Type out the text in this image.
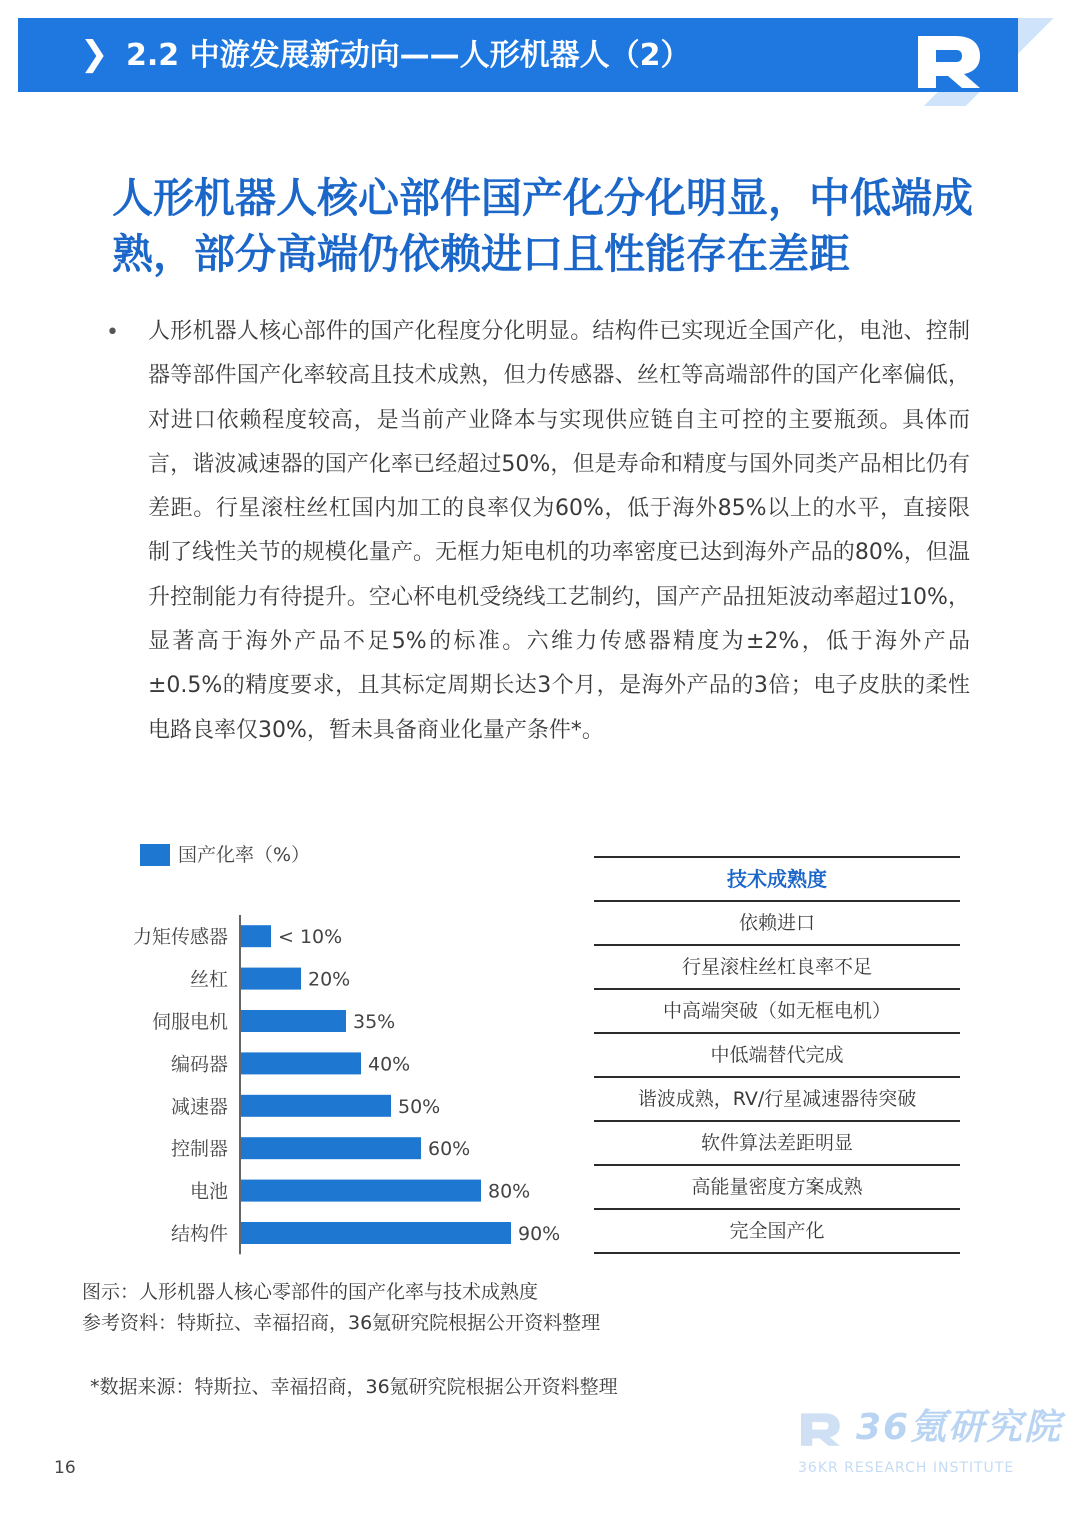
❯ 2.2 中游发展新动向——人形机器人（2）
人形机器人核心部件国产化分化明显，中低端成熟，部分高端仍依赖进口且性能存在差距
• 人形机器人核心部件的国产化程度分化明显。结构件已实现近全国产化，电池、控制器等部件国产化率较高且技术成熟，但力传感器、丝杠等高端部件的国产化率偏低，对进口依赖程度较高，是当前产业降本与实现供应链自主可控的主要瓶颈。具体而言，谐波减速器的国产化率已经超过50%，但是寿命和精度与国外同类产品相比仍有差距。行星滚柱丝杠国内加工的良率仅为60%，低于海外85%以上的水平，直接限制了线性关节的规模化量产。无框力矩电机的功率密度已达到海外产品的80%，但温升控制能力有待提升。空心杯电机受绕线工艺制约，国产产品扭矩波动率超过10%，显著高于海外产品不足5%的标准。六维力传感器精度为±2%，低于海外产品±0.5%的精度要求，且其标定周期长达3个月，是海外产品的3倍；电子皮肤的柔性电路良率仅30%，暂未具备商业化量产条件*。
国产化率（%）
力矩传感器	< 10%
丝杠	20%
伺服电机	35%
编码器	40%
减速器	50%
控制器	60%
电池	80%
结构件	90%
技术成熟度
依赖进口
行星滚柱丝杠良率不足
中高端突破（如无框电机）
中低端替代完成
谐波成熟，RV/行星减速器待突破
软件算法差距明显
高能量密度方案成熟
完全国产化
图示：人形机器人核心零部件的国产化率与技术成熟度
参考资料：特斯拉、幸福招商，36氪研究院根据公开资料整理
*数据来源：特斯拉、幸福招商，36氪研究院根据公开资料整理
16
36氪研究院
36KR RESEARCH INSTITUTE
